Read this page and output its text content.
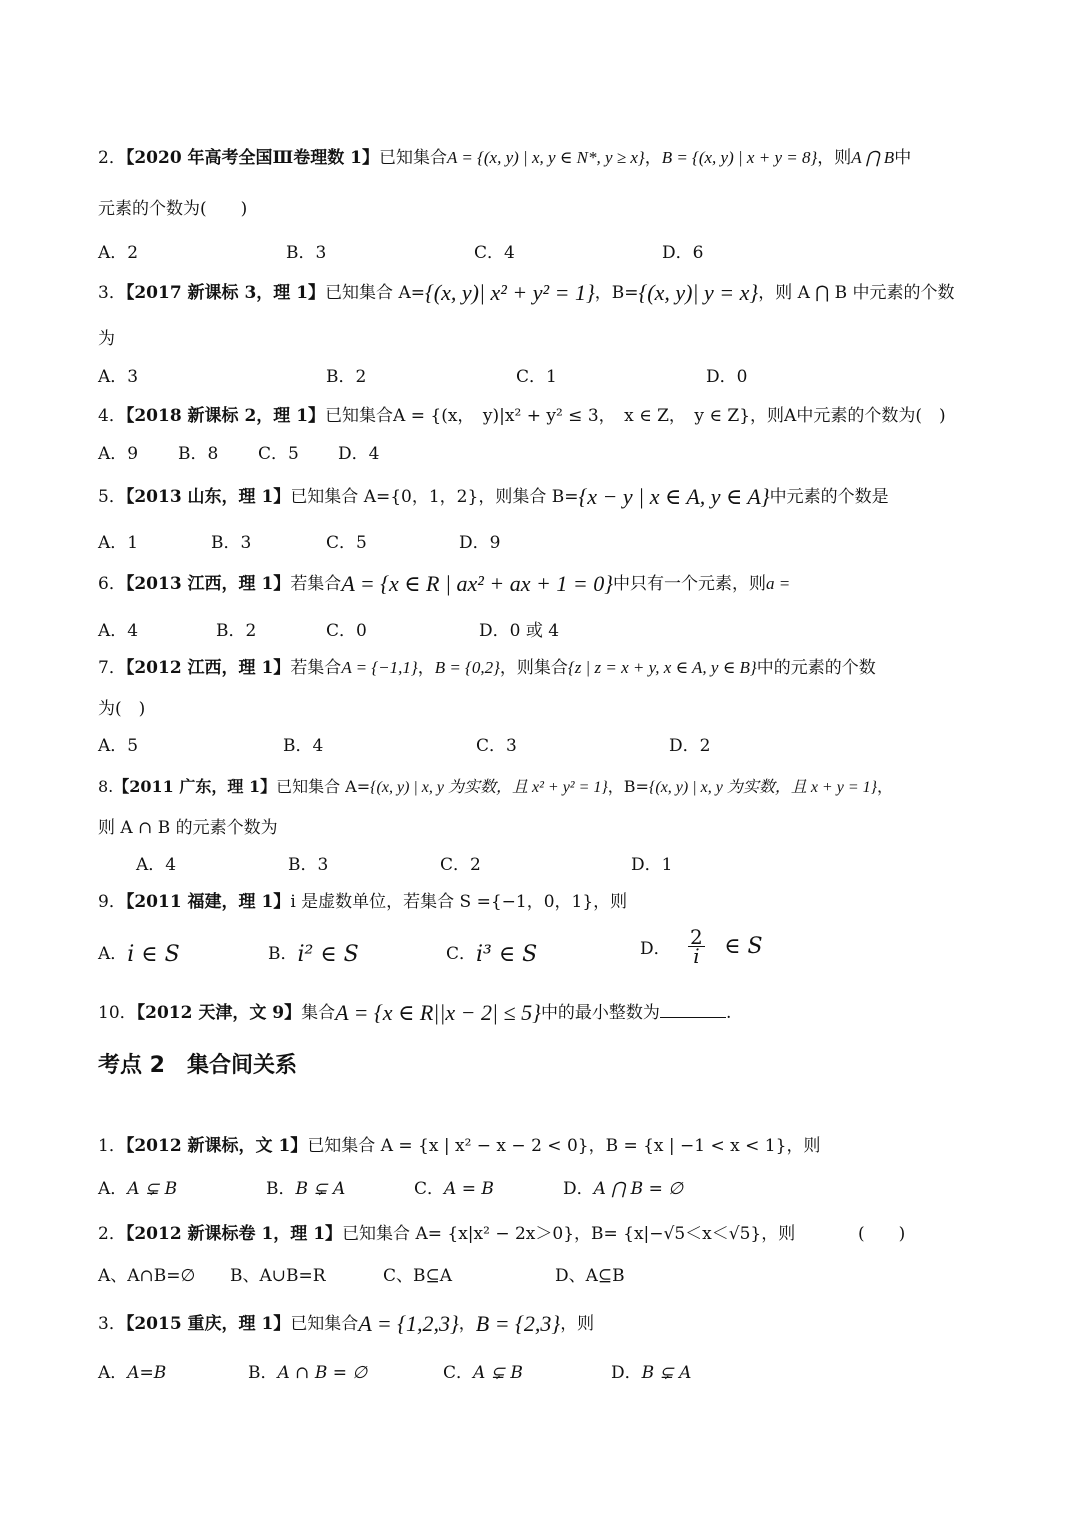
2．【2020 年高考全国Ⅲ卷理数 1】已知集合A = {(x, y) | x, y ∈ N*, y ≥ x}，B = {(x, y) | x + y = 8}，则A ⋂ B中
元素的个数为(　　)
A．2	B．3	C．4	D．6
3．【2017 新课标 3，理 1】已知集合 A={(x, y)| x² + y² = 1}，B={(x, y)| y = x}，则 A ⋂ B 中元素的个数
为
A．3	B．2	C．1	D．0
4．【2018 新课标 2，理 1】已知集合A = {(x，　y)|x² + y² ≤ 3，　x ∈ Z，　y ∈ Z}，则A中元素的个数为(　)
A．9 B．8 C．5 D．4
5．【2013 山东，理 1】已知集合 A={0，1，2}，则集合 B={x − y | x ∈ A, y ∈ A}中元素的个数是
A．1	B．3	C．5	D．9
6．【2013 江西，理 1】若集合A = {x ∈ R | ax² + ax + 1 = 0}中只有一个元素，则a =
A．4	B．2	C．0	D．0 或 4
7．【2012 江西，理 1】若集合A = {−1,1}，B = {0,2}，则集合{z | z = x + y, x ∈ A, y ∈ B}中的元素的个数
为(　)
A．5	B．4	C．3	D．2
8.【2011 广东，理 1】已知集合 A={(x, y) | x, y 为实数，且 x² + y² = 1}，B={(x, y) | x, y 为实数，且 x + y = 1}，
则 A ∩ B 的元素个数为
A．4	B．3	C．2	D．1
9．【2011 福建，理 1】i 是虚数单位，若集合 S ={−1，0，1}，则
A．i ∈ S	B．i² ∈ S	C．i³ ∈ S	D． $\frac{2}{i}$ ∈ S
10．【2012 天津，文 9】集合A = {x ∈ R||x − 2| ≤ 5}中的最小整数为	.
考点 2　集合间关系
1．【2012 新课标，文 1】已知集合 A = {x | x² − x − 2 < 0}，B = {x | −1 < x < 1}，则
A．A ⊊ B	B．B ⊊ A	C．A = B	D．A ⋂ B = ∅
2．【2012 新课标卷 1，理 1】已知集合 A= {x|x² − 2x＞0}，B= {x|−√5＜x＜√5}，则	(　　)
A、A∩B=∅ B、A∪B=R	C、B⊆A	D、A⊆B
3．【2015 重庆，理 1】已知集合A = {1,2,3}，B = {2,3}，则
A．A=B	B．A ∩ B = ∅	C．A ⊊ B	D．B ⊊ A
